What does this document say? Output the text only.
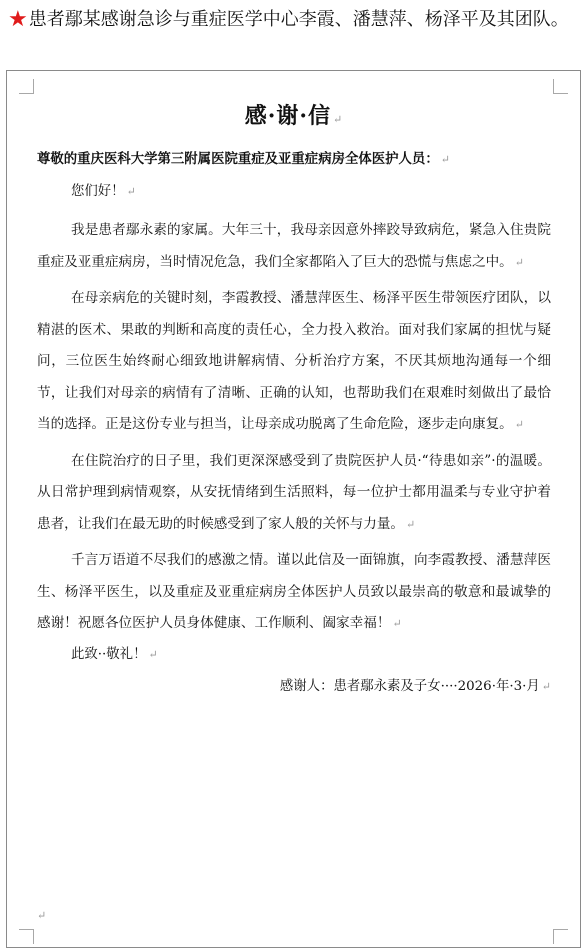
★患者鄢某感谢急诊与重症医学中心李霞、潘慧萍、杨泽平及其团队。
感·谢·信 ↵

尊敬的重庆医科大学第三附属医院重症及亚重症病房全体医护人员： ↵

您们好！ ↵

我是患者鄢永素的家属。大年三十，我母亲因意外摔跤导致病危，紧急入住贵院重症及亚重症病房，当时情况危急，我们全家都陷入了巨大的恐慌与焦虑之中。 ↵

在母亲病危的关键时刻，李霞教授、潘慧萍医生、杨泽平医生带领医疗团队，以精湛的医术、果敢的判断和高度的责任心，全力投入救治。面对我们家属的担忧与疑问，三位医生始终耐心细致地讲解病情、分析治疗方案，不厌其烦地沟通每一个细节，让我们对母亲的病情有了清晰、正确的认知，也帮助我们在艰难时刻做出了最恰当的选择。正是这份专业与担当，让母亲成功脱离了生命危险，逐步走向康复。 ↵

在住院治疗的日子里，我们更深深感受到了贵院医护人员·“待患如亲”·的温暖。从日常护理到病情观察，从安抚情绪到生活照料，每一位护士都用温柔与专业守护着患者，让我们在最无助的时候感受到了家人般的关怀与力量。 ↵

千言万语道不尽我们的感激之情。谨以此信及一面锦旗，向李霞教授、潘慧萍医生、杨泽平医生，以及重症及亚重症病房全体医护人员致以最崇高的敬意和最诚挚的感谢！祝愿各位医护人员身体健康、工作顺利、阖家幸福！ ↵

此致··敬礼！ ↵

感谢人：患者鄢永素及子女····2026·年·3·月 ↵

↵
